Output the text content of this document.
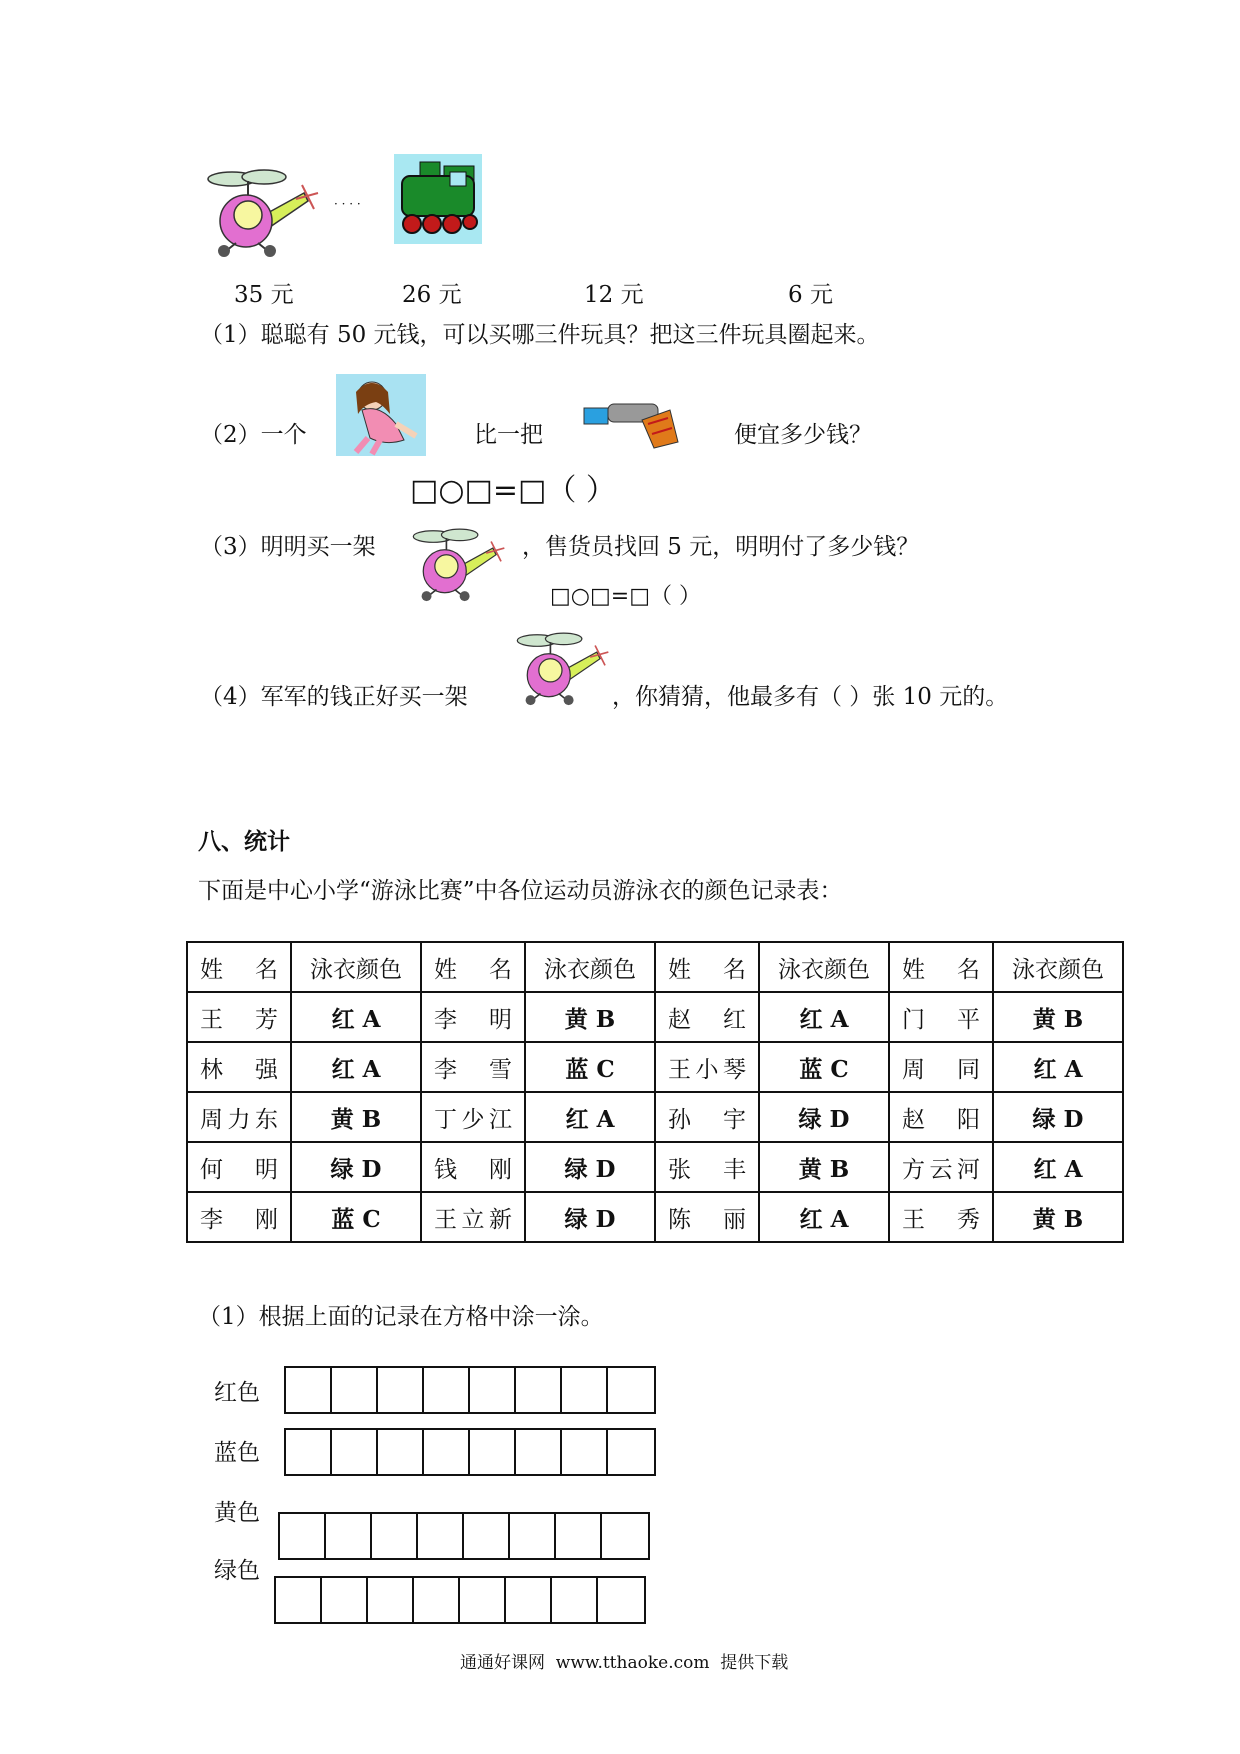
· · · ·
35 元	26 元	12 元	6 元
（1）聪聪有 50 元钱，可以买哪三件玩具？把这三件玩具圈起来。
（2）一个	比一把	便宜多少钱？
□○□=□（ ）
（3）明明买一架	，售货员找回 5 元，明明付了多少钱？
□○□=□（ ）
（4）军军的钱正好买一架	，你猜猜，他最多有（ ）张 10 元的。
八、统计
下面是中心小学“游泳比赛”中各位运动员游泳衣的颜色记录表：
姓名	泳衣颜色	姓名	泳衣颜色	姓名	泳衣颜色	姓名	泳衣颜色
王芳	红 A	李明	黄 B	赵红	红 A	门平	黄 B
林强	红 A	李雪	蓝 C	王小琴	蓝 C	周同	红 A
周力东	黄 B	丁少江	红 A	孙宇	绿 D	赵阳	绿 D
何明	绿 D	钱刚	绿 D	张丰	黄 B	方云河	红 A
李刚	蓝 C	王立新	绿 D	陈丽	红 A	王秀	黄 B
（1）根据上面的记录在方格中涂一涂。
红色
蓝色
黄色
绿色
通通好课网  www.tthaoke.com  提供下载
